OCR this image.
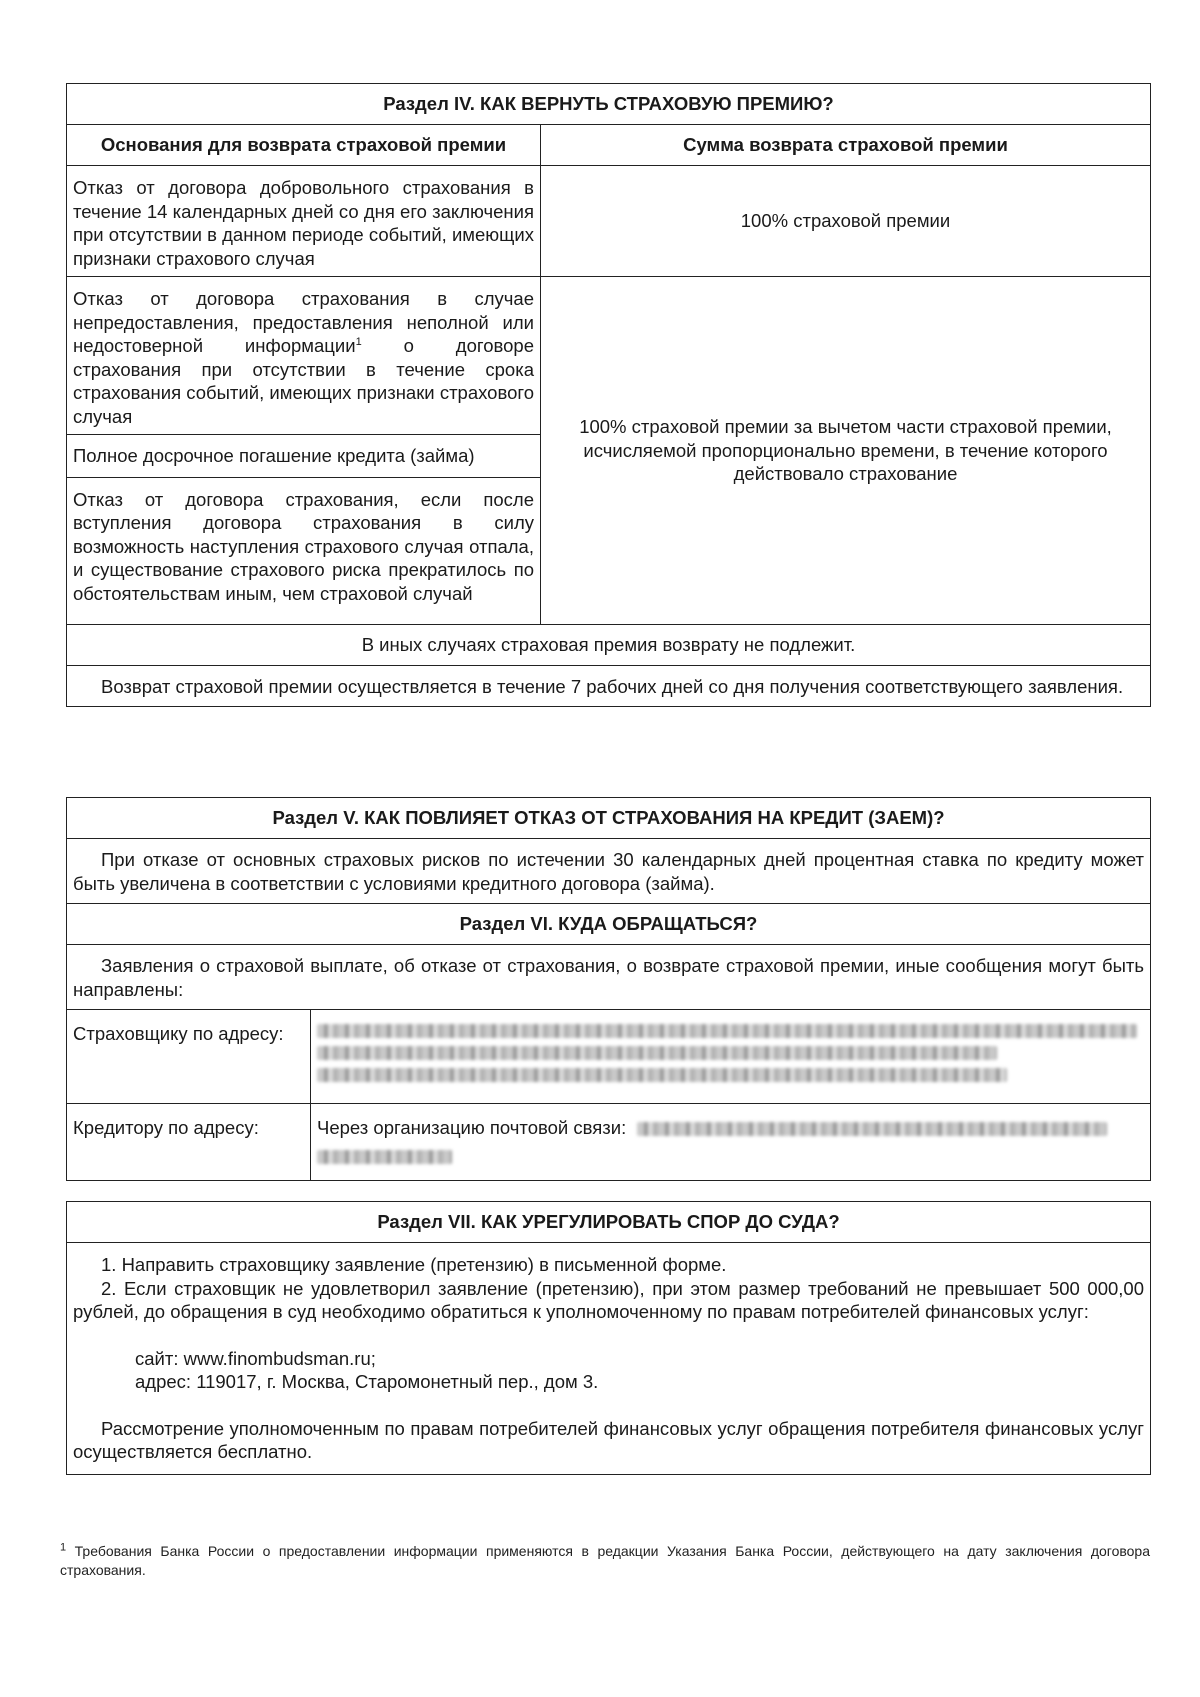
Раздел IV. КАК ВЕРНУТЬ СТРАХОВУЮ ПРЕМИЮ?	
Основания для возврата страховой премии	Сумма возврата страховой премии
Отказ от договора добровольного страхования в течение 14 календарных дней со дня его заключения при отсутствии в данном периоде событий, имеющих признаки страхового случая	100% страховой премии
Отказ от договора страхования в случае непредоставления, предоставления неполной или недостоверной информации$^1$ о договоре страхования при отсутствии в течение срока страхования событий, имеющих признаки страхового случая	100% страховой премии за вычетом части страховой премии, исчисляемой пропорционально времени, в течение которого действовало страхование
Полное досрочное погашение кредита (займа)	
Отказ от договора страхования, если после вступления договора страхования в силу возможность наступления страхового случая отпала, и существование страхового риска прекратилось по обстоятельствам иным, чем страховой случай	
В иных случаях страховая премия возврату не подлежит.	
Возврат страховой премии осуществляется в течение 7 рабочих дней со дня получения соответствующего заявления.	
Раздел V. КАК ПОВЛИЯЕТ ОТКАЗ ОТ СТРАХОВАНИЯ НА КРЕДИТ (ЗАЕМ)?	
При отказе от основных страховых рисков по истечении 30 календарных дней процентная ставка по кредиту может быть увеличена в соответствии с условиями кредитного договора (займа).	
Раздел VI. КУДА ОБРАЩАТЬСЯ?	
Заявления о страховой выплате, об отказе от страхования, о возврате страховой премии, иные сообщения могут быть направлены:	
Страховщику по адресу:	

Кредитору по адресу:	Через организацию почтовой связи:
Раздел VII. КАК УРЕГУЛИРОВАТЬ СПОР ДО СУДА?

1. Направить страховщику заявление (претензию) в письменной форме.

2. Если страховщик не удовлетворил заявление (претензию), при этом размер требований не превышает 500 000,00 рублей, до обращения в суд необходимо обратиться к уполномоченному по правам потребителей финансовых услуг:

сайт: www.finombudsman.ru;

адрес: 119017, г. Москва, Старомонетный пер., дом 3.

Рассмотрение уполномоченным по правам потребителей финансовых услуг обращения потребителя финансовых услуг осуществляется бесплатно.

$^1$ Требования Банка России о предоставлении информации применяются в редакции Указания Банка России, действующего на дату заключения договора страхования.
